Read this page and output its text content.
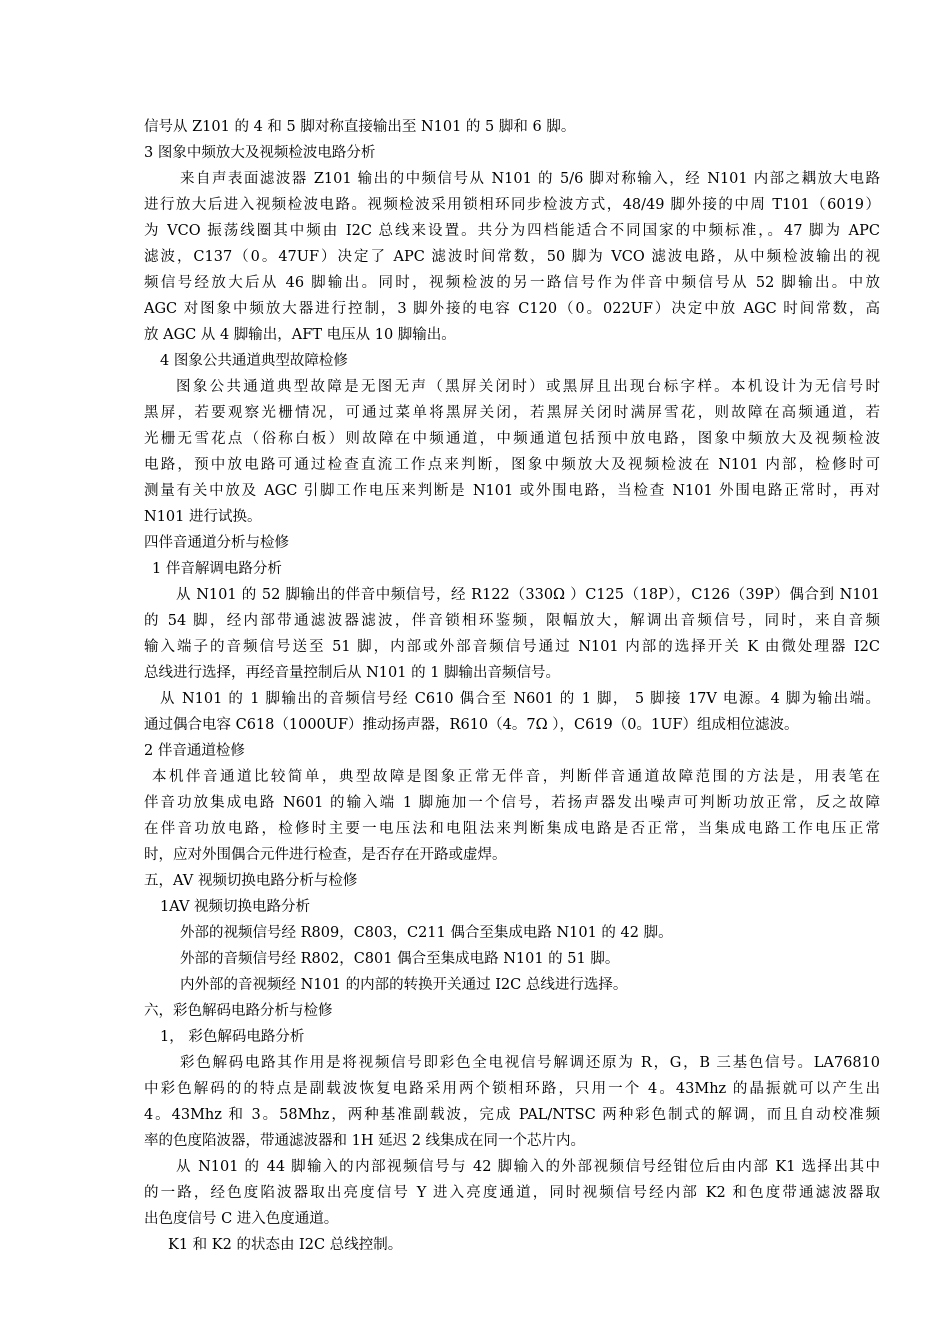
信号从 Z101 的 4 和 5 脚对称直接输出至 N101 的 5 脚和 6 脚。
3 图象中频放大及视频检波电路分析
来自声表面滤波器 Z101 输出的中频信号从 N101 的 5/6 脚对称输入，经 N101 内部之耦放大电路
进行放大后进入视频检波电路。视频检波采用锁相环同步检波方式，48/49 脚外接的中周 T101（6019）
为 VCO 振荡线圈其中频由 I2C 总线来设置。共分为四档能适合不同国家的中频标准，。47 脚为 APC
滤波，C137（0。47UF）决定了 APC 滤波时间常数，50 脚为 VCO 滤波电路，从中频检波输出的视
频信号经放大后从 46 脚输出。同时，视频检波的另一路信号作为伴音中频信号从 52 脚输出。中放
AGC 对图象中频放大器进行控制，3 脚外接的电容 C120（0。022UF）决定中放 AGC 时间常数，高
放 AGC 从 4 脚输出，AFT 电压从 10 脚输出。
4 图象公共通道典型故障检修
图象公共通道典型故障是无图无声（黑屏关闭时）或黑屏且出现台标字样。本机设计为无信号时
黑屏，若要观察光栅情况，可通过菜单将黑屏关闭，若黑屏关闭时满屏雪花，则故障在高频通道，若
光栅无雪花点（俗称白板）则故障在中频通道，中频通道包括预中放电路，图象中频放大及视频检波
电路，预中放电路可通过检查直流工作点来判断，图象中频放大及视频检波在 N101 内部，检修时可
测量有关中放及 AGC 引脚工作电压来判断是 N101 或外围电路，当检查 N101 外围电路正常时，再对
N101 进行试换。
四伴音通道分析与检修
1 伴音解调电路分析
从 N101 的 52 脚输出的伴音中频信号，经 R122（330Ω ）C125（18P），C126（39P）偶合到 N101
的 54 脚，经内部带通滤波器滤波，伴音锁相环鉴频，限幅放大，解调出音频信号，同时，来自音频
输入端子的音频信号送至 51 脚，内部或外部音频信号通过 N101 内部的选择开关 K 由微处理器 I2C
总线进行选择，再经音量控制后从 N101 的 1 脚输出音频信号。
从 N101 的 1 脚输出的音频信号经 C610 偶合至 N601 的 1 脚， 5 脚接 17V 电源。4 脚为输出端。
通过偶合电容 C618（1000UF）推动扬声器，R610（4。7Ω ），C619（0。1UF）组成相位滤波。
2 伴音通道检修
本机伴音通道比较简单，典型故障是图象正常无伴音，判断伴音通道故障范围的方法是，用表笔在
伴音功放集成电路 N601 的输入端 1 脚施加一个信号，若扬声器发出噪声可判断功放正常，反之故障
在伴音功放电路，检修时主要一电压法和电阻法来判断集成电路是否正常，当集成电路工作电压正常
时，应对外围偶合元件进行检查，是否存在开路或虚焊。
五，AV 视频切换电路分析与检修
1AV 视频切换电路分析
外部的视频信号经 R809，C803，C211 偶合至集成电路 N101 的 42 脚。
外部的音频信号经 R802，C801 偶合至集成电路 N101 的 51 脚。
内外部的音视频经 N101 的内部的转换开关通过 I2C 总线进行选择。
六，彩色解码电路分析与检修
1， 彩色解码电路分析
彩色解码电路其作用是将视频信号即彩色全电视信号解调还原为 R，G，B 三基色信号。LA76810
中彩色解码的的特点是副载波恢复电路采用两个锁相环路，只用一个 4。43Mhz 的晶振就可以产生出
4。43Mhz 和 3。58Mhz，两种基准副载波，完成 PAL/NTSC 两种彩色制式的解调，而且自动校准频
率的色度陷波器，带通滤波器和 1H 延迟 2 线集成在同一个芯片内。
从 N101 的 44 脚输入的内部视频信号与 42 脚输入的外部视频信号经钳位后由内部 K1 选择出其中
的一路，经色度陷波器取出亮度信号 Y 进入亮度通道，同时视频信号经内部 K2 和色度带通滤波器取
出色度信号 C 进入色度通道。
K1 和 K2 的状态由 I2C 总线控制。
